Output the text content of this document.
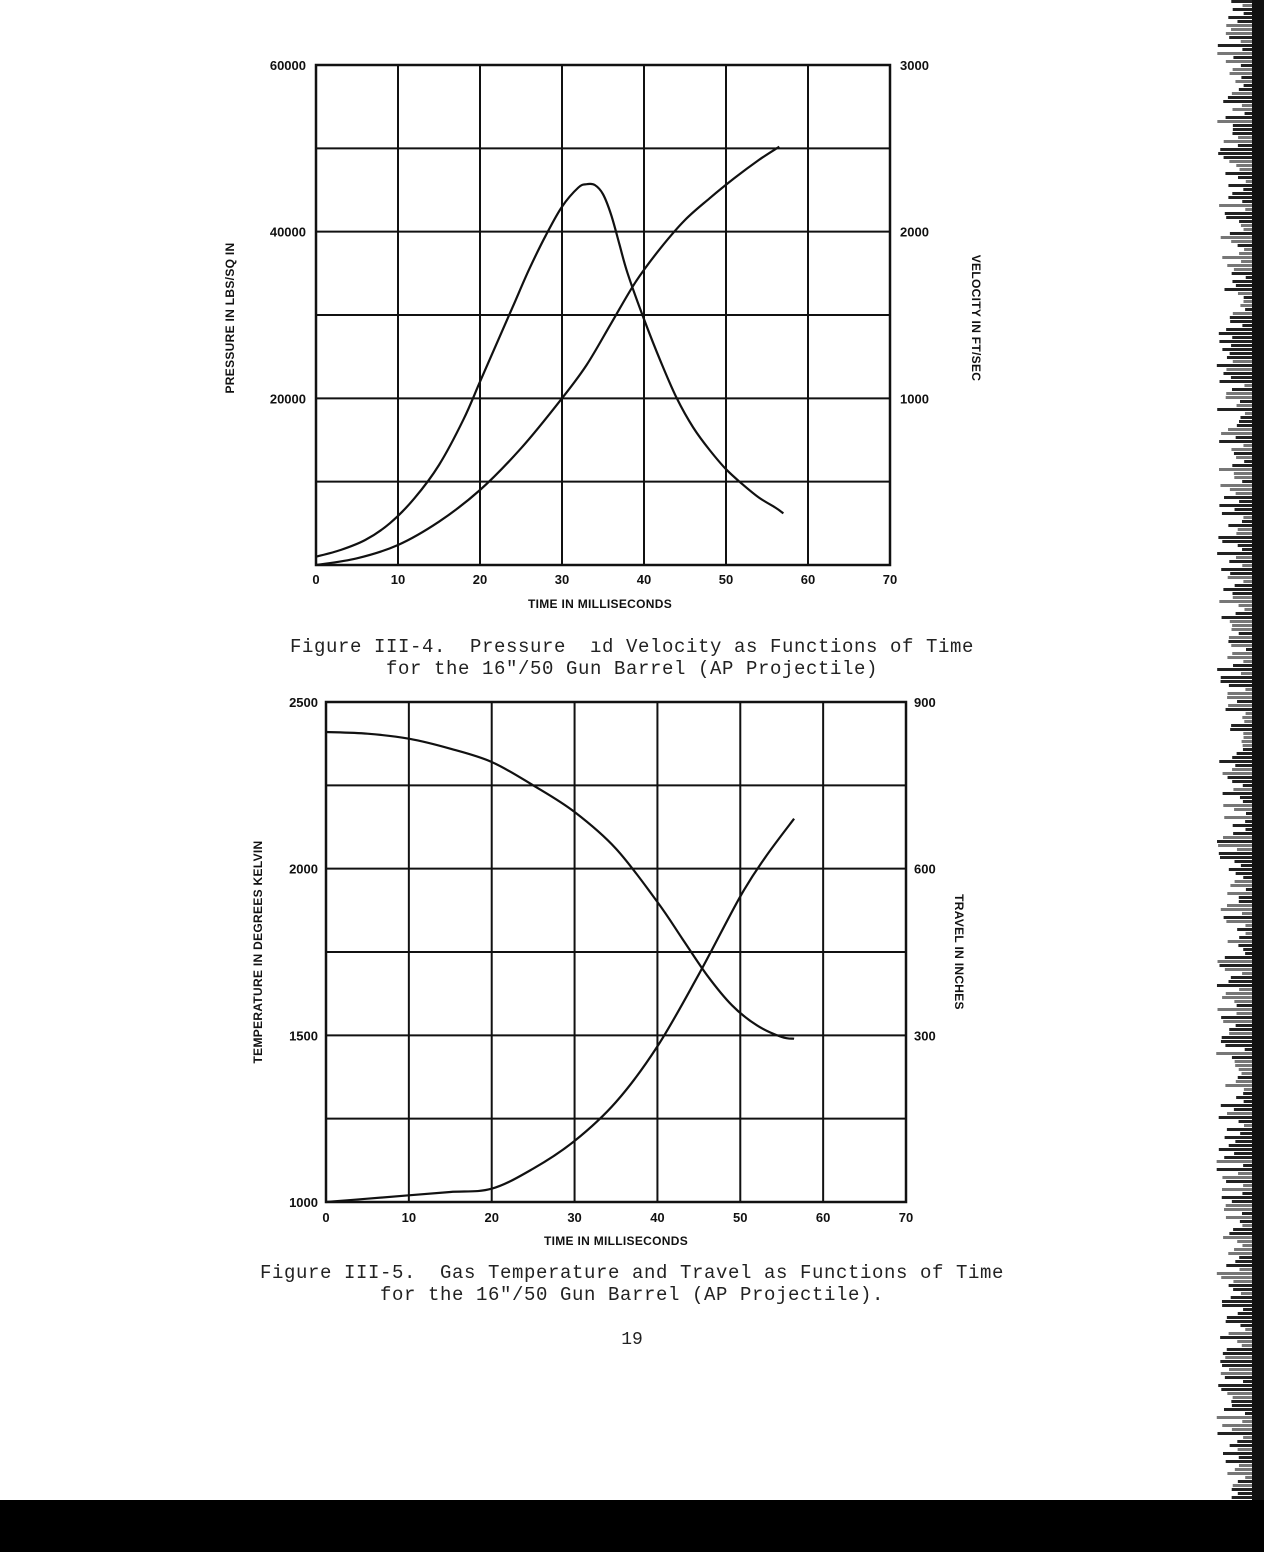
0	10	20	30	40	50	60	70
20000
40000
60000
1000
2000
3000
TIME IN MILLISECONDS
PRESSURE IN LBS/SQ IN	VELOCITY IN FT/SEC
Figure III-4.  Pressure  ıd Velocity as Functions of Time
for the 16"/50 Gun Barrel (AP Projectile)
0	10	20	30	40	50	60	70
1000
1500
2000
2500
300
600
900
TIME IN MILLISECONDS
TEMPERATURE IN DEGREES KELVIN	TRAVEL IN INCHES
Figure III-5.  Gas Temperature and Travel as Functions of Time
for the 16"/50 Gun Barrel (AP Projectile).
19
